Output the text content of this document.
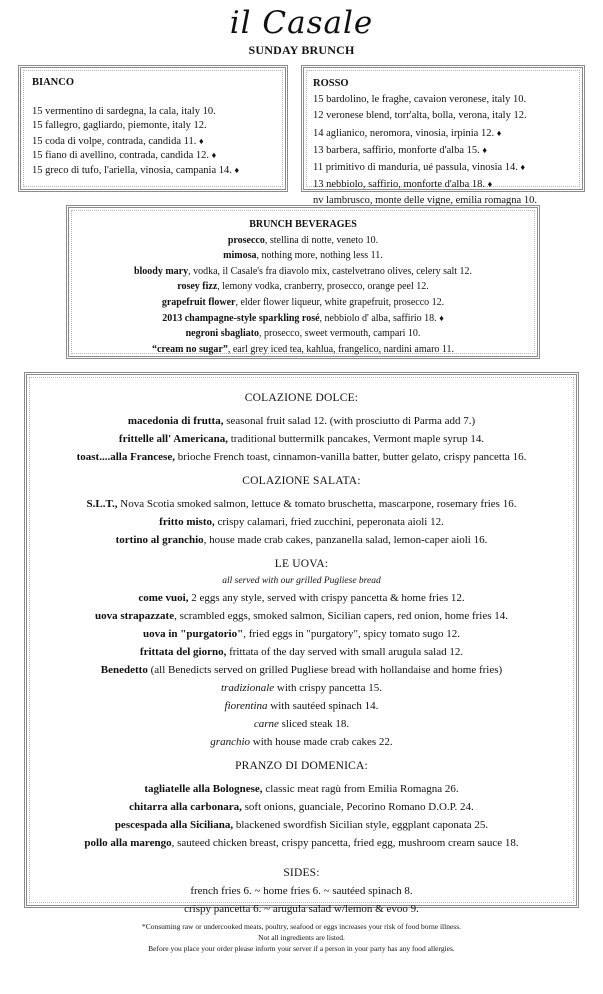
il Casale
SUNDAY BRUNCH
BIANCO
15 vermentino di sardegna, la cala, italy 10.
15 fallegro, gagliardo, piemonte, italy 12.
15 coda di volpe, contrada, candida 11. ♦
15 fiano di avellino, contrada, candida 12. ♦
15 greco di tufo, l'ariella, vinosia, campania 14. ♦
ROSSO
15 bardolino, le fraghe, cavaion veronese, italy 10.
12 veronese blend, torr'alta, bolla, verona, italy 12.
14 aglianico, neromora, vinosia, irpinia 12. ♦
13 barbera, saffirio, monforte d'alba 15. ♦
11 primitivo di manduria, ué passula, vinosia 14. ♦
13 nebbiolo, saffirio, monforte d'alba 18. ♦
nv lambrusco, monte delle vigne, emilia romagna 10.
BRUNCH BEVERAGES
prosecco, stellina di notte, veneto 10.
mimosa, nothing more, nothing less 11.
bloody mary, vodka, il Casale's fra diavolo mix, castelvetrano olives, celery salt 12.
rosey fizz, lemony vodka, cranberry, prosecco, orange peel 12.
grapefruit flower, elder flower liqueur, white grapefruit, prosecco 12.
2013 champagne-style sparkling rosé, nebbiolo d' alba, saffirio 18. ♦
negroni sbagliato, prosecco, sweet vermouth, campari 10.
“cream no sugar”, earl grey iced tea, kahlua, frangelico, nardini amaro 11.
COLAZIONE DOLCE:
macedonia di frutta, seasonal fruit salad 12. (with prosciutto di Parma add 7.)
frittelle all' Americana, traditional buttermilk pancakes, Vermont maple syrup 14.
toast....alla Francese, brioche French toast, cinnamon-vanilla batter, butter gelato, crispy pancetta 16.
COLAZIONE SALATA:
S.L.T., Nova Scotia smoked salmon, lettuce & tomato bruschetta, mascarpone, rosemary fries 16.
fritto misto, crispy calamari, fried zucchini, peperonata aioli 12.
tortino al granchio, house made crab cakes, panzanella salad, lemon-caper aioli 16.
LE UOVA:
all served with our grilled Pugliese bread
come vuoi, 2 eggs any style, served with crispy pancetta & home fries 12.
uova strapazzate, scrambled eggs, smoked salmon, Sicilian capers, red onion, home fries 14.
uova in "purgatorio", fried eggs in "purgatory", spicy tomato sugo 12.
frittata del giorno, frittata of the day served with small arugula salad 12.
Benedetto (all Benedicts served on grilled Pugliese bread with hollandaise and home fries)
tradizionale with crispy pancetta 15.
fiorentina with sautéed spinach 14.
carne sliced steak 18.
granchio with house made crab cakes 22.
PRANZO DI DOMENICA:
tagliatelle alla Bolognese, classic meat ragù from Emilia Romagna 26.
chitarra alla carbonara, soft onions, guanciale, Pecorino Romano D.O.P. 24.
pescespada alla Siciliana, blackened swordfish Sicilian style, eggplant caponata 25.
pollo alla marengo, sauteed chicken breast, crispy pancetta, fried egg, mushroom cream sauce 18.
SIDES:
french fries 6. ~ home fries 6. ~ sautéed spinach 8.
crispy pancetta 6. ~ arugula salad w/lemon & evoo 9.
*Consuming raw or undercooked meats, poultry, seafood or eggs increases your risk of food borne illness.
Not all ingredients are listed.
Before you place your order please inform your server if a person in your party has any food allergies.
